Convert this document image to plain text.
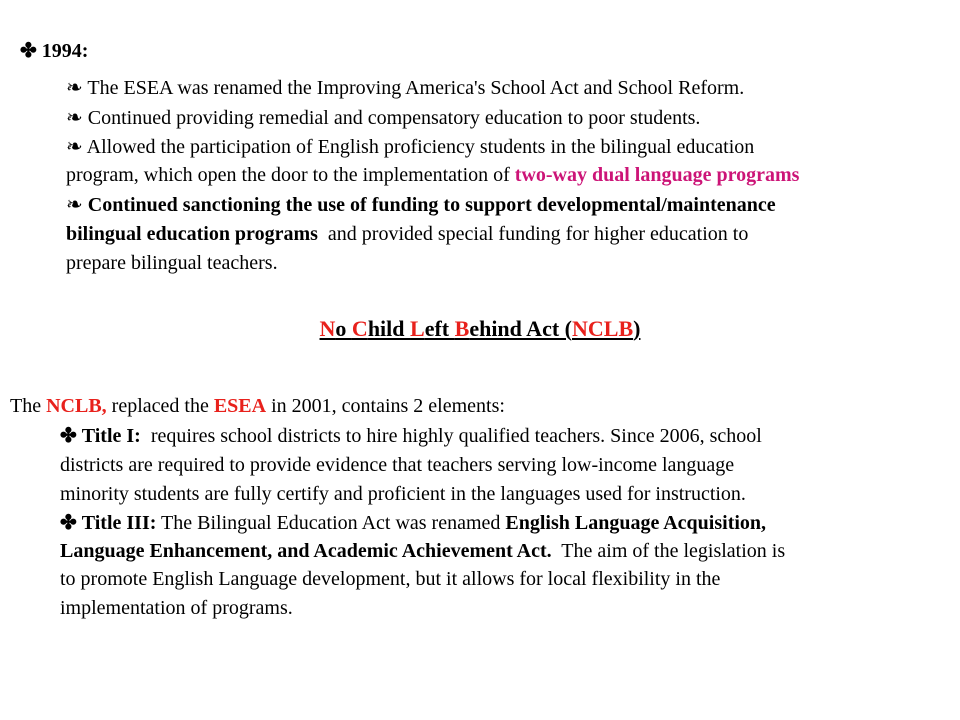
✤ 1994:
❧ The ESEA was renamed the Improving America's School Act and School Reform.
❧ Continued providing remedial and compensatory education to poor students.
❧ Allowed the participation of English proficiency students in the bilingual education
program, which open the door to the implementation of two-way dual language programs
❧ Continued sanctioning the use of funding to support developmental/maintenance
bilingual education programs  and provided special funding for higher education to
prepare bilingual teachers.
No Child Left Behind Act (NCLB)
The NCLB, replaced the ESEA in 2001, contains 2 elements:
✤ Title I:  requires school districts to hire highly qualified teachers. Since 2006, school
districts are required to provide evidence that teachers serving low-income language
minority students are fully certify and proficient in the languages used for instruction.
✤ Title III: The Bilingual Education Act was renamed English Language Acquisition,
Language Enhancement, and Academic Achievement Act.  The aim of the legislation is
to promote English Language development, but it allows for local flexibility in the
implementation of programs.
